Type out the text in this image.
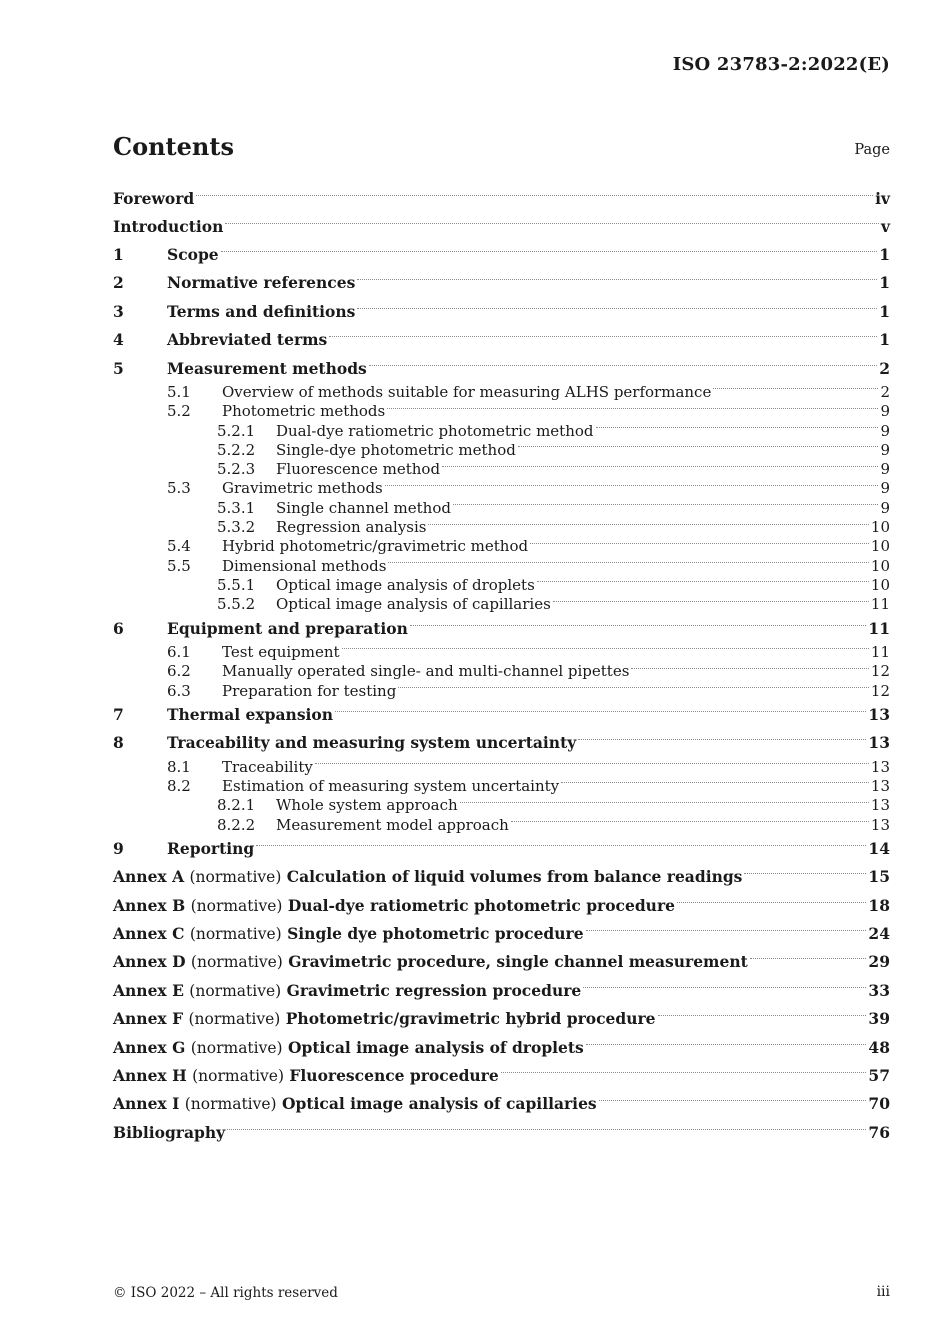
ISO 23783-2:2022(E)
Contents	Page
Foreword	iv
Introduction	v
1	Scope	1
2	Normative references	1
3	Terms and definitions	1
4	Abbreviated terms	1
5	Measurement methods	2
5.1	Overview of methods suitable for measuring ALHS performance	2
5.2	Photometric methods	9
5.2.1	Dual-dye ratiometric photometric method	9
5.2.2	Single-dye photometric method	9
5.2.3	Fluorescence method	9
5.3	Gravimetric methods	9
5.3.1	Single channel method	9
5.3.2	Regression analysis	10
5.4	Hybrid photometric/gravimetric method	10
5.5	Dimensional methods	10
5.5.1	Optical image analysis of droplets	10
5.5.2	Optical image analysis of capillaries	11
6	Equipment and preparation	11
6.1	Test equipment	11
6.2	Manually operated single- and multi-channel pipettes	12
6.3	Preparation for testing	12
7	Thermal expansion	13
8	Traceability and measuring system uncertainty	13
8.1	Traceability	13
8.2	Estimation of measuring system uncertainty	13
8.2.1	Whole system approach	13
8.2.2	Measurement model approach	13
9	Reporting	14
Annex A (normative) Calculation of liquid volumes from balance readings	15
Annex B (normative) Dual-dye ratiometric photometric procedure	18
Annex C (normative) Single dye photometric procedure	24
Annex D (normative) Gravimetric procedure, single channel measurement	29
Annex E (normative) Gravimetric regression procedure	33
Annex F (normative) Photometric/gravimetric hybrid procedure	39
Annex G (normative) Optical image analysis of droplets	48
Annex H (normative) Fluorescence procedure	57
Annex I (normative) Optical image analysis of capillaries	70
Bibliography	76
© ISO 2022 – All rights reserved	iii
